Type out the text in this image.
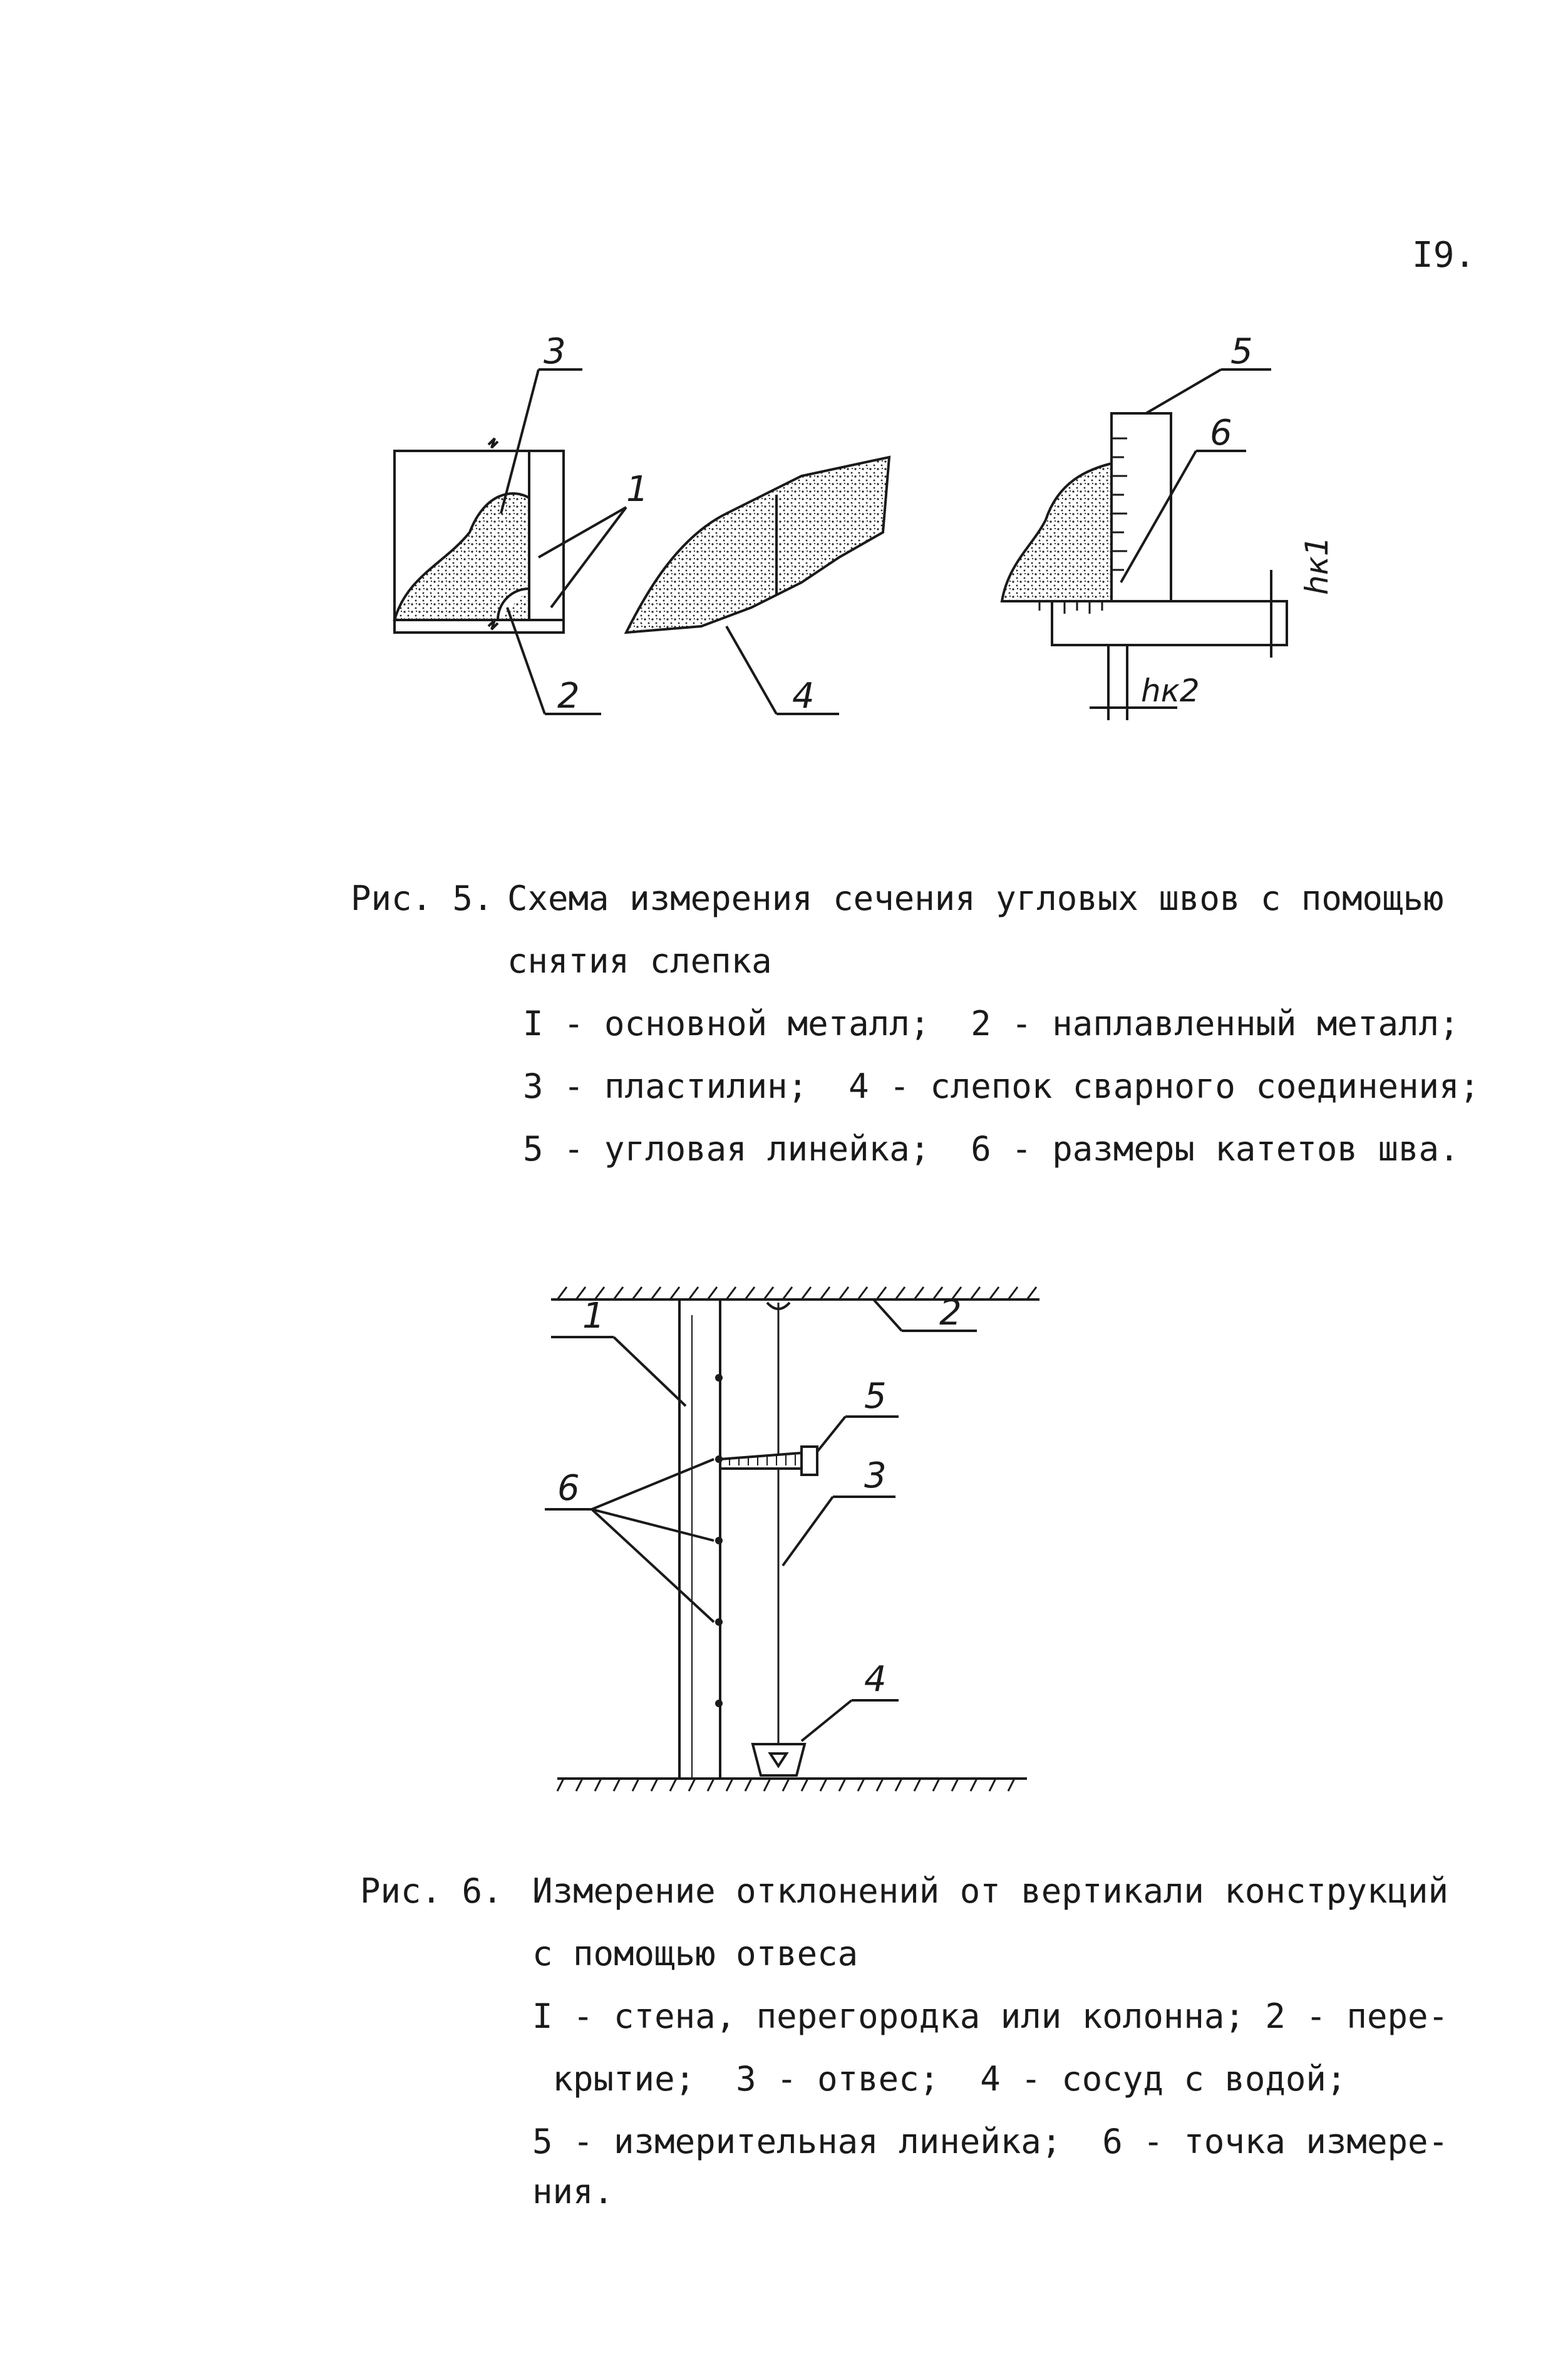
I9.
3
1
2	4
5
6
hк1
hк2

Рис. 5.

Схема измерения сечения угловых швов с помощью

снятия слепка

I - основной металл;  2 - наплавленный металл;

3 - пластилин;  4 - слепок сварного соединения;

5 - угловая линейка;  6 - размеры катетов шва.

1	2
3
4
5
6

Рис. 6.

Измерение отклонений от вертикали конструкций

с помощью отвеса

I - стена, перегородка или колонна; 2 - пере-

крытие;  3 - отвес;  4 - сосуд с водой;

5 - измерительная линейка;  6 - точка измере-

ния.
